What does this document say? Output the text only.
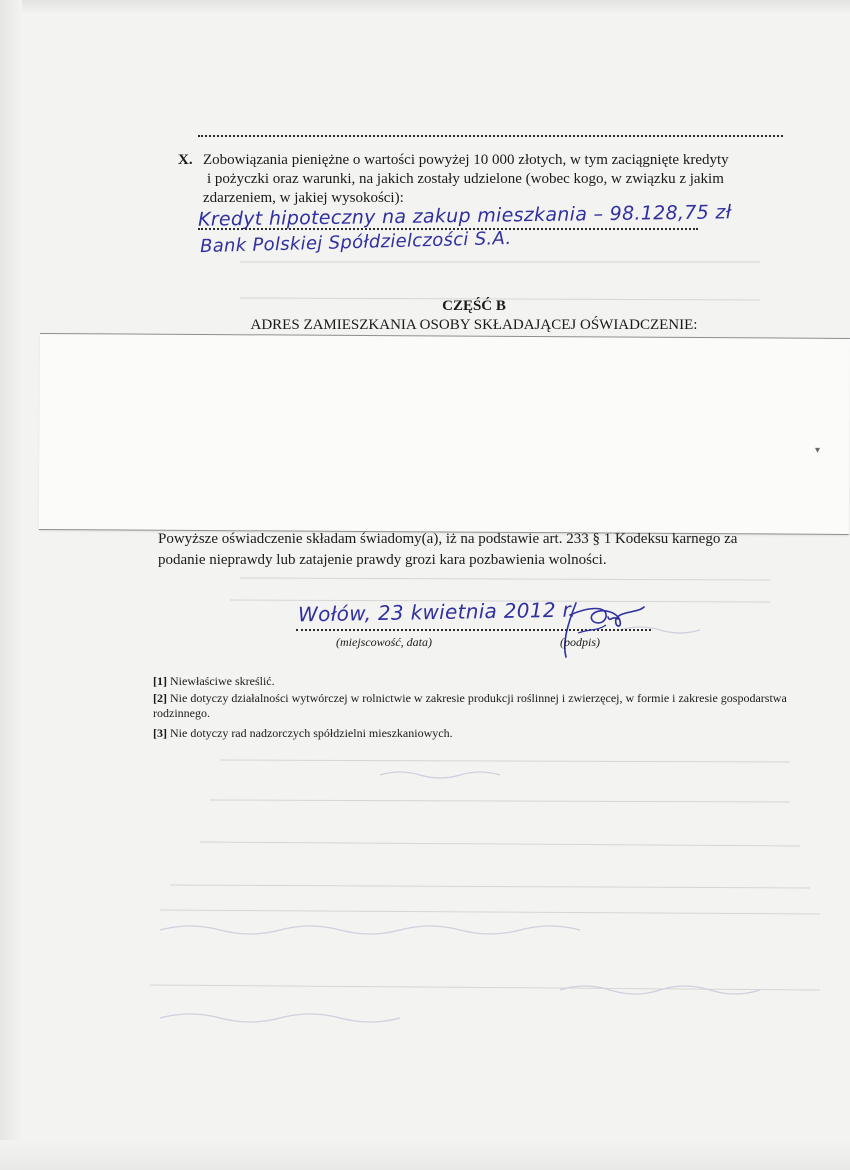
X. Zobowiązania pieniężne o wartości powyżej 10 000 złotych, w tym zaciągnięte kredyty
i pożyczki oraz warunki, na jakich zostały udzielone (wobec kogo, w związku z jakim
zdarzeniem, w jakiej wysokości):
Kredyt hipoteczny na zakup mieszkania – 98.128,75 zł
Bank Polskiej Spółdzielczości S.A.
CZĘŚĆ B
ADRES ZAMIESZKANIA OSOBY SKŁADAJĄCEJ OŚWIADCZENIE:
▾
Powyższe oświadczenie składam świadomy(a), iż na podstawie art. 233 § 1 Kodeksu karnego za
podanie nieprawdy lub zatajenie prawdy grozi kara pozbawienia wolności.
Wołów, 23 kwietnia 2012 r.
(miejscowość, data)	(podpis)

[1] Niewłaściwe skreślić.

[2] Nie dotyczy działalności wytwórczej w rolnictwie w zakresie produkcji roślinnej i zwierzęcej, w formie i zakresie gospodarstwa rodzinnego.

[3] Nie dotyczy rad nadzorczych spółdzielni mieszkaniowych.
